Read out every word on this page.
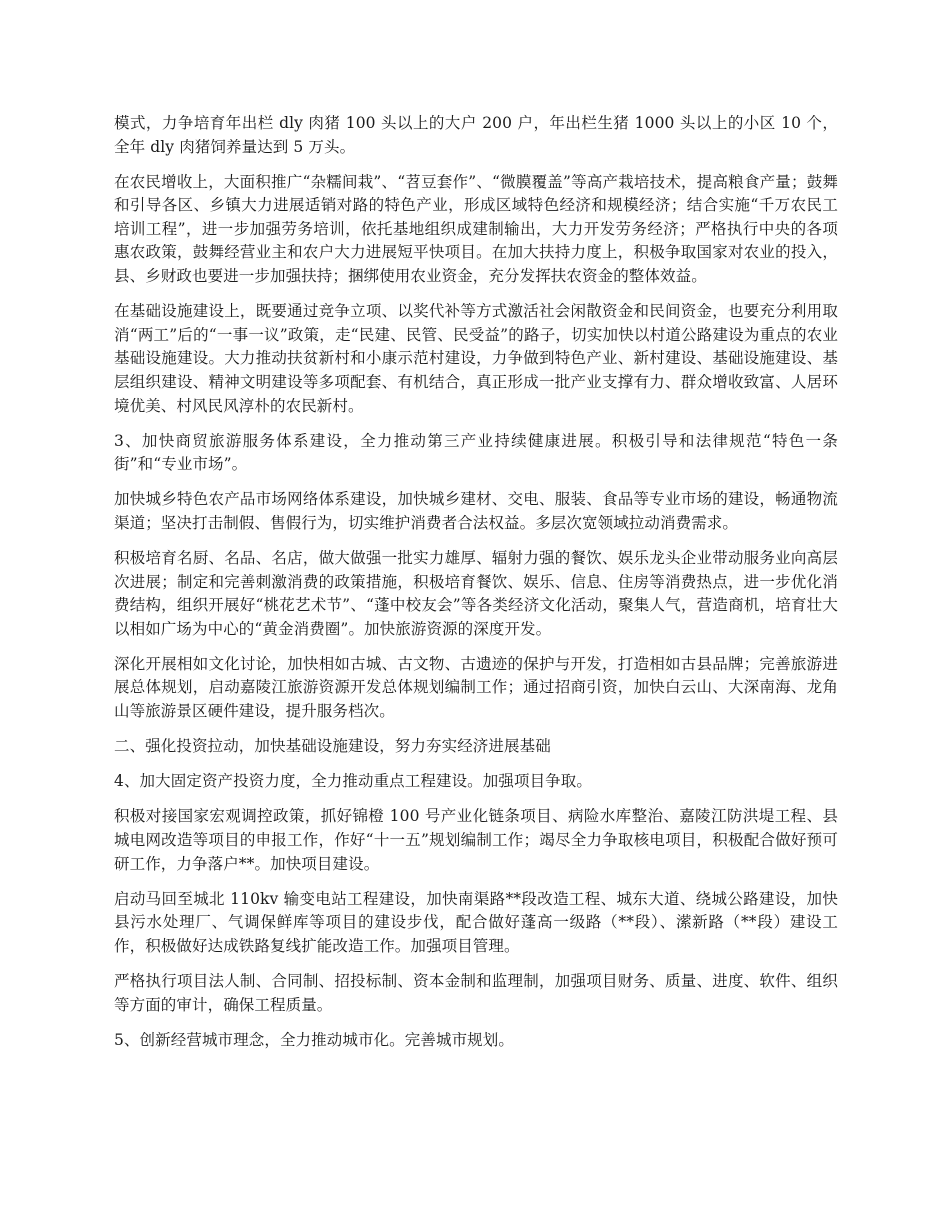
模式，力争培育年出栏 dly 肉猪 100 头以上的大户 200 户，年出栏生猪 1000 头以上的小区 10 个，全年 dly 肉猪饲养量达到 5 万头。

在农民增收上，大面积推广“杂糯间栽”、“苕豆套作”、“微膜覆盖”等高产栽培技术，提高粮食产量；鼓舞和引导各区、乡镇大力进展适销对路的特色产业，形成区域特色经济和规模经济；结合实施“千万农民工培训工程”，进一步加强劳务培训，依托基地组织成建制输出，大力开发劳务经济；严格执行中央的各项惠农政策，鼓舞经营业主和农户大力进展短平快项目。在加大扶持力度上，积极争取国家对农业的投入，县、乡财政也要进一步加强扶持；捆绑使用农业资金，充分发挥扶农资金的整体效益。

在基础设施建设上，既要通过竞争立项、以奖代补等方式激活社会闲散资金和民间资金，也要充分利用取消“两工”后的“一事一议”政策，走“民建、民管、民受益”的路子，切实加快以村道公路建设为重点的农业基础设施建设。大力推动扶贫新村和小康示范村建设，力争做到特色产业、新村建设、基础设施建设、基层组织建设、精神文明建设等多项配套、有机结合，真正形成一批产业支撑有力、群众增收致富、人居环境优美、村风民风淳朴的农民新村。

3、加快商贸旅游服务体系建设，全力推动第三产业持续健康进展。积极引导和法律规范“特色一条街”和“专业市场”。

加快城乡特色农产品市场网络体系建设，加快城乡建材、交电、服装、食品等专业市场的建设，畅通物流渠道；坚决打击制假、售假行为，切实维护消费者合法权益。多层次宽领域拉动消费需求。

积极培育名厨、名品、名店，做大做强一批实力雄厚、辐射力强的餐饮、娱乐龙头企业带动服务业向高层次进展；制定和完善刺激消费的政策措施，积极培育餐饮、娱乐、信息、住房等消费热点，进一步优化消费结构，组织开展好“桃花艺术节”、“蓬中校友会”等各类经济文化活动，聚集人气，营造商机，培育壮大以相如广场为中心的“黄金消费圈”。加快旅游资源的深度开发。

深化开展相如文化讨论，加快相如古城、古文物、古遗迹的保护与开发，打造相如古县品牌；完善旅游进展总体规划，启动嘉陵江旅游资源开发总体规划编制工作；通过招商引资，加快白云山、大深南海、龙角山等旅游景区硬件建设，提升服务档次。

二、强化投资拉动，加快基础设施建设，努力夯实经济进展基础

4、加大固定资产投资力度，全力推动重点工程建设。加强项目争取。

积极对接国家宏观调控政策，抓好锦橙 100 号产业化链条项目、病险水库整治、嘉陵江防洪堤工程、县城电网改造等项目的申报工作，作好“十一五”规划编制工作；竭尽全力争取核电项目，积极配合做好预可研工作，力争落户**。加快项目建设。

启动马回至城北 110kv 输变电站工程建设，加快南渠路**段改造工程、城东大道、绕城公路建设，加快县污水处理厂、气调保鲜库等项目的建设步伐，配合做好蓬高一级路（**段）、潆新路（**段）建设工作，积极做好达成铁路复线扩能改造工作。加强项目管理。

严格执行项目法人制、合同制、招投标制、资本金制和监理制，加强项目财务、质量、进度、软件、组织等方面的审计，确保工程质量。

5、创新经营城市理念，全力推动城市化。完善城市规划。
